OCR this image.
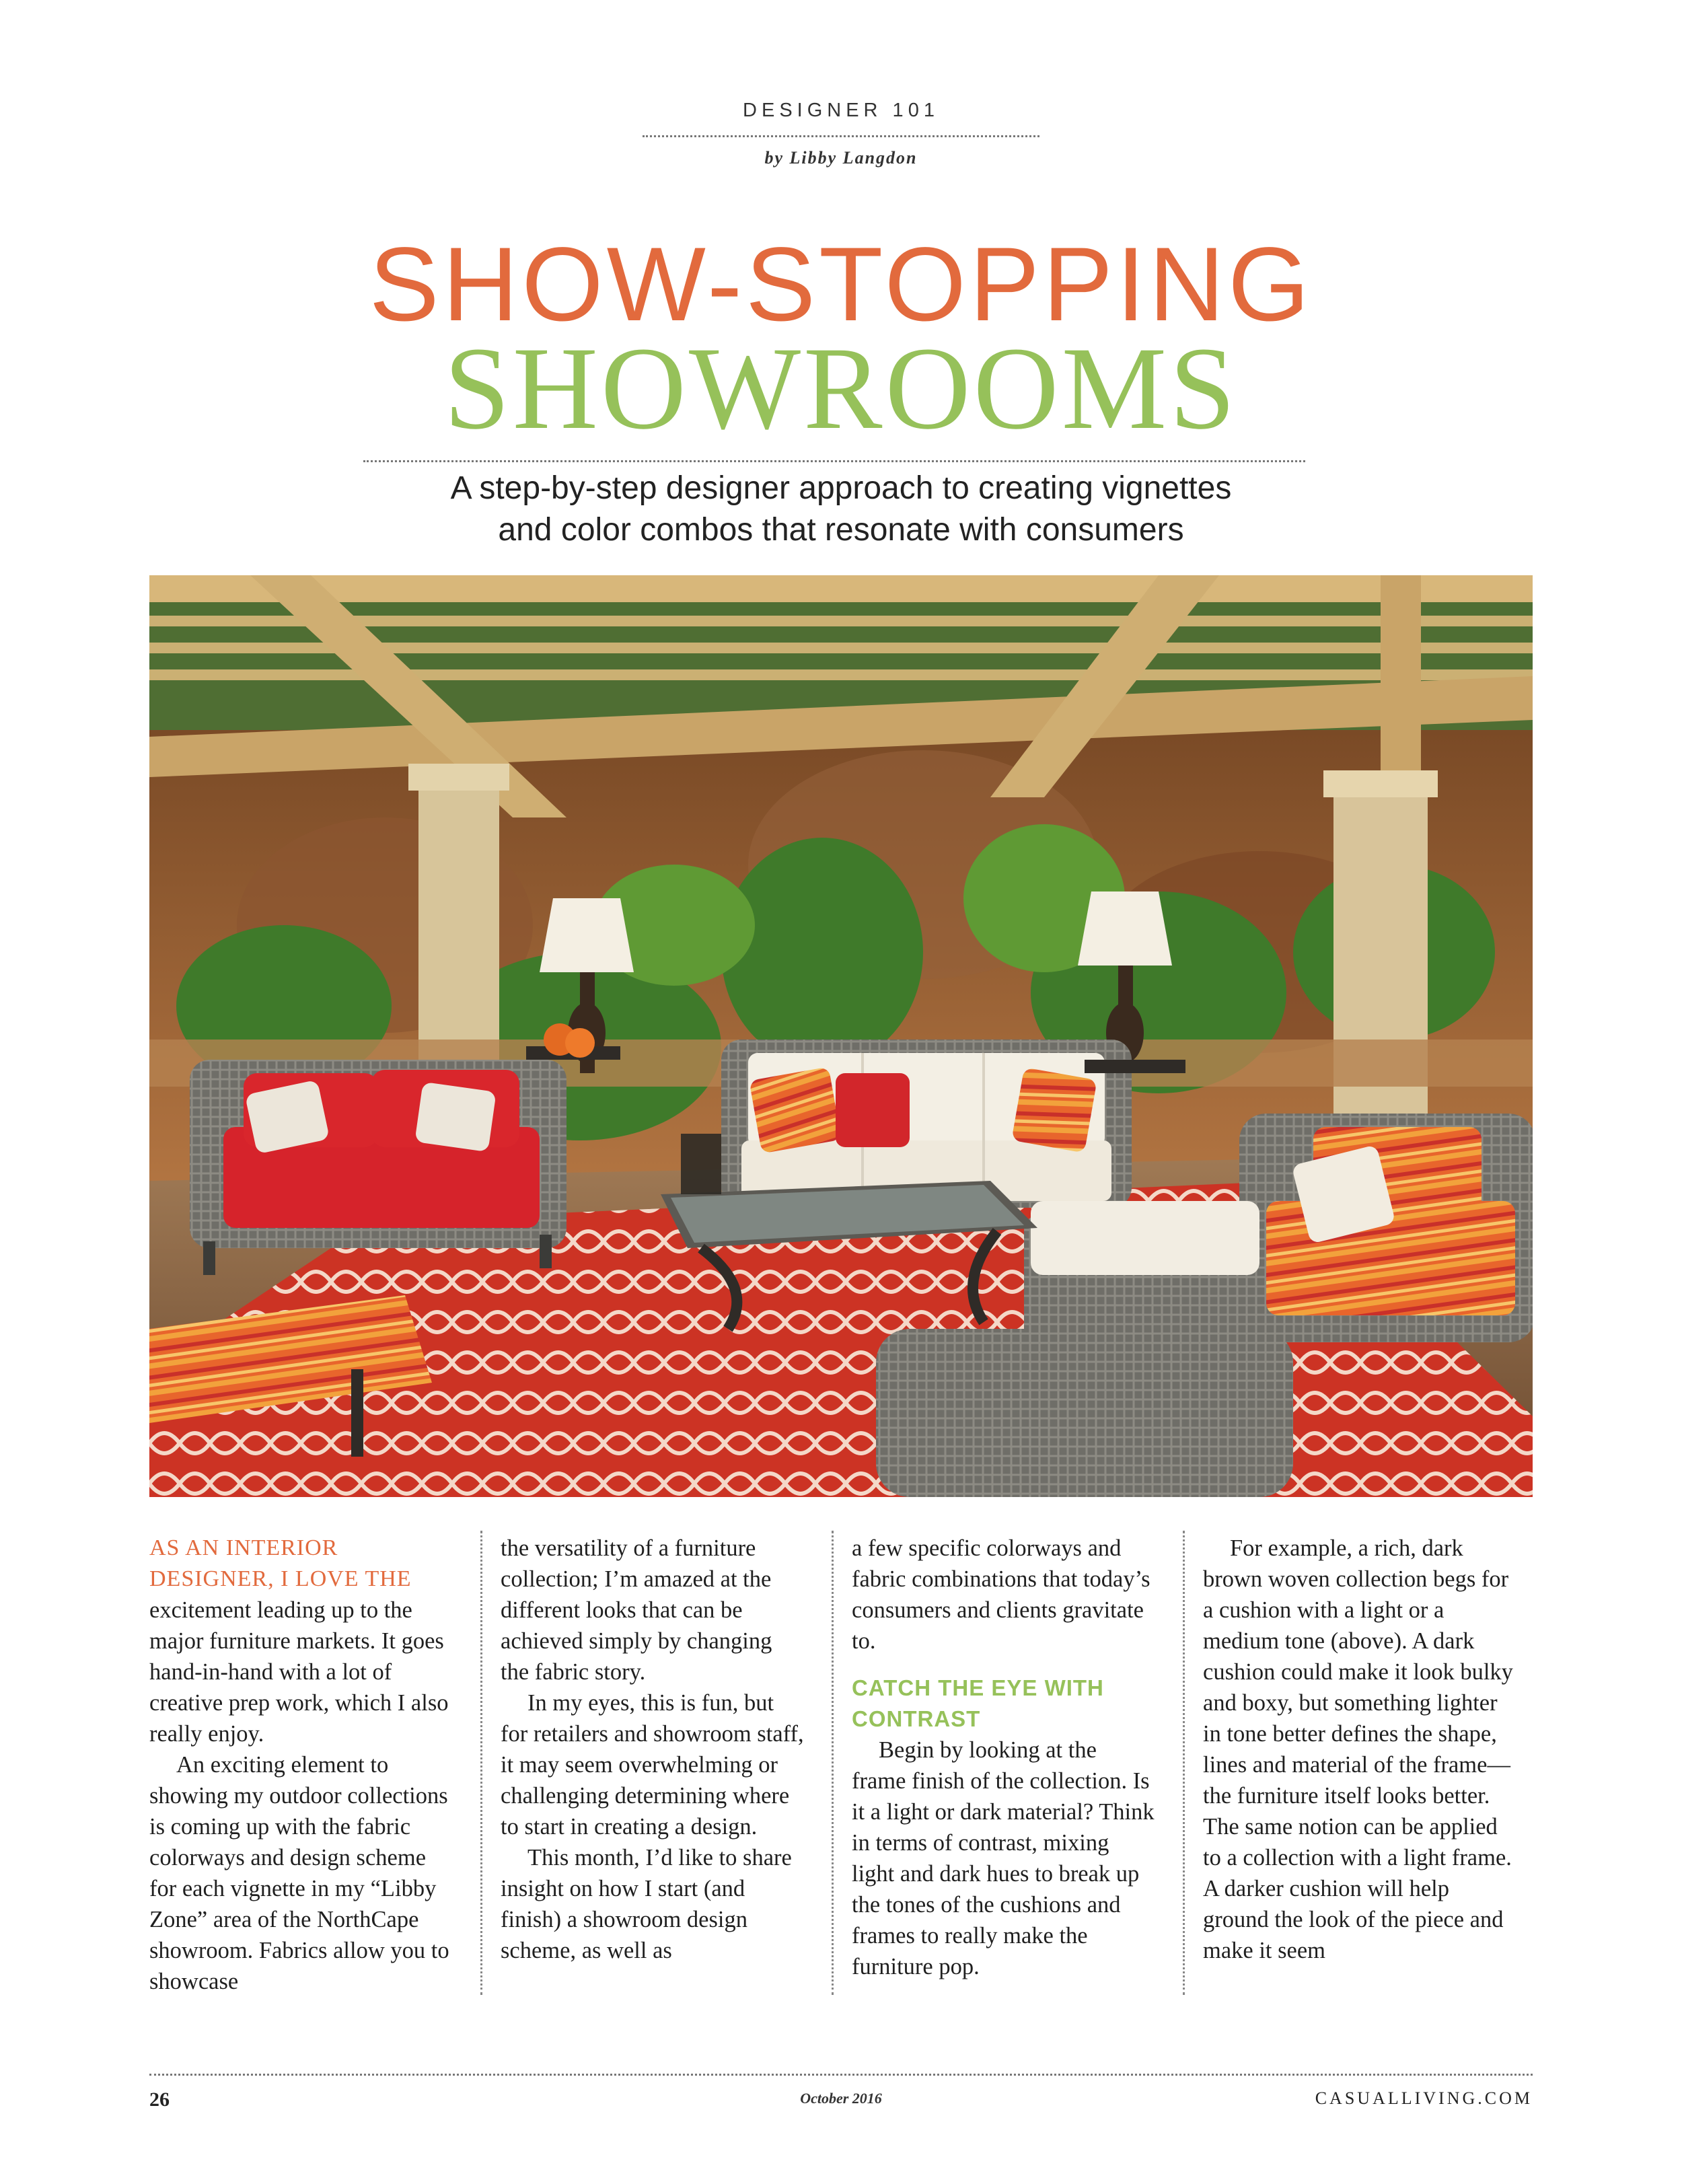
DESIGNER 101
by Libby Langdon
SHOW-STOPPING
SHOWROOMS
A step-by-step designer approach to creating vignettes
and color combos that resonate with consumers

AS AN INTERIOR DESIGNER, I LOVE THE

excitement leading up to the major furniture markets. It goes hand-in-hand with a lot of creative prep work, which I also really enjoy.

An exciting element to showing my outdoor collections is coming up with the fabric colorways and design scheme for each vignette in my “Libby Zone” area of the NorthCape showroom. Fabrics allow you to showcase

the versatility of a furniture collection; I’m amazed at the different looks that can be achieved simply by changing the fabric story.

In my eyes, this is fun, but for retailers and showroom staff, it may seem overwhelming or challenging determining where to start in creating a design.

This month, I’d like to share insight on how I start (and finish) a showroom design scheme, as well as

a few specific colorways and fabric combinations that today’s consumers and clients gravitate to.

CATCH THE EYE WITH CONTRAST

Begin by looking at the frame finish of the collection. Is it a light or dark material? Think in terms of contrast, mixing light and dark hues to break up the tones of the cushions and frames to really make the furniture pop.

For example, a rich, dark brown woven collection begs for a cushion with a light or a medium tone (above). A dark cushion could make it look bulky and boxy, but something lighter in tone better defines the shape, lines and material of the frame—the furniture itself looks better. The same notion can be applied to a collection with a light frame. A darker cushion will help ground the look of the piece and make it seem

26	October 2016	CASUALLIVING.COM
